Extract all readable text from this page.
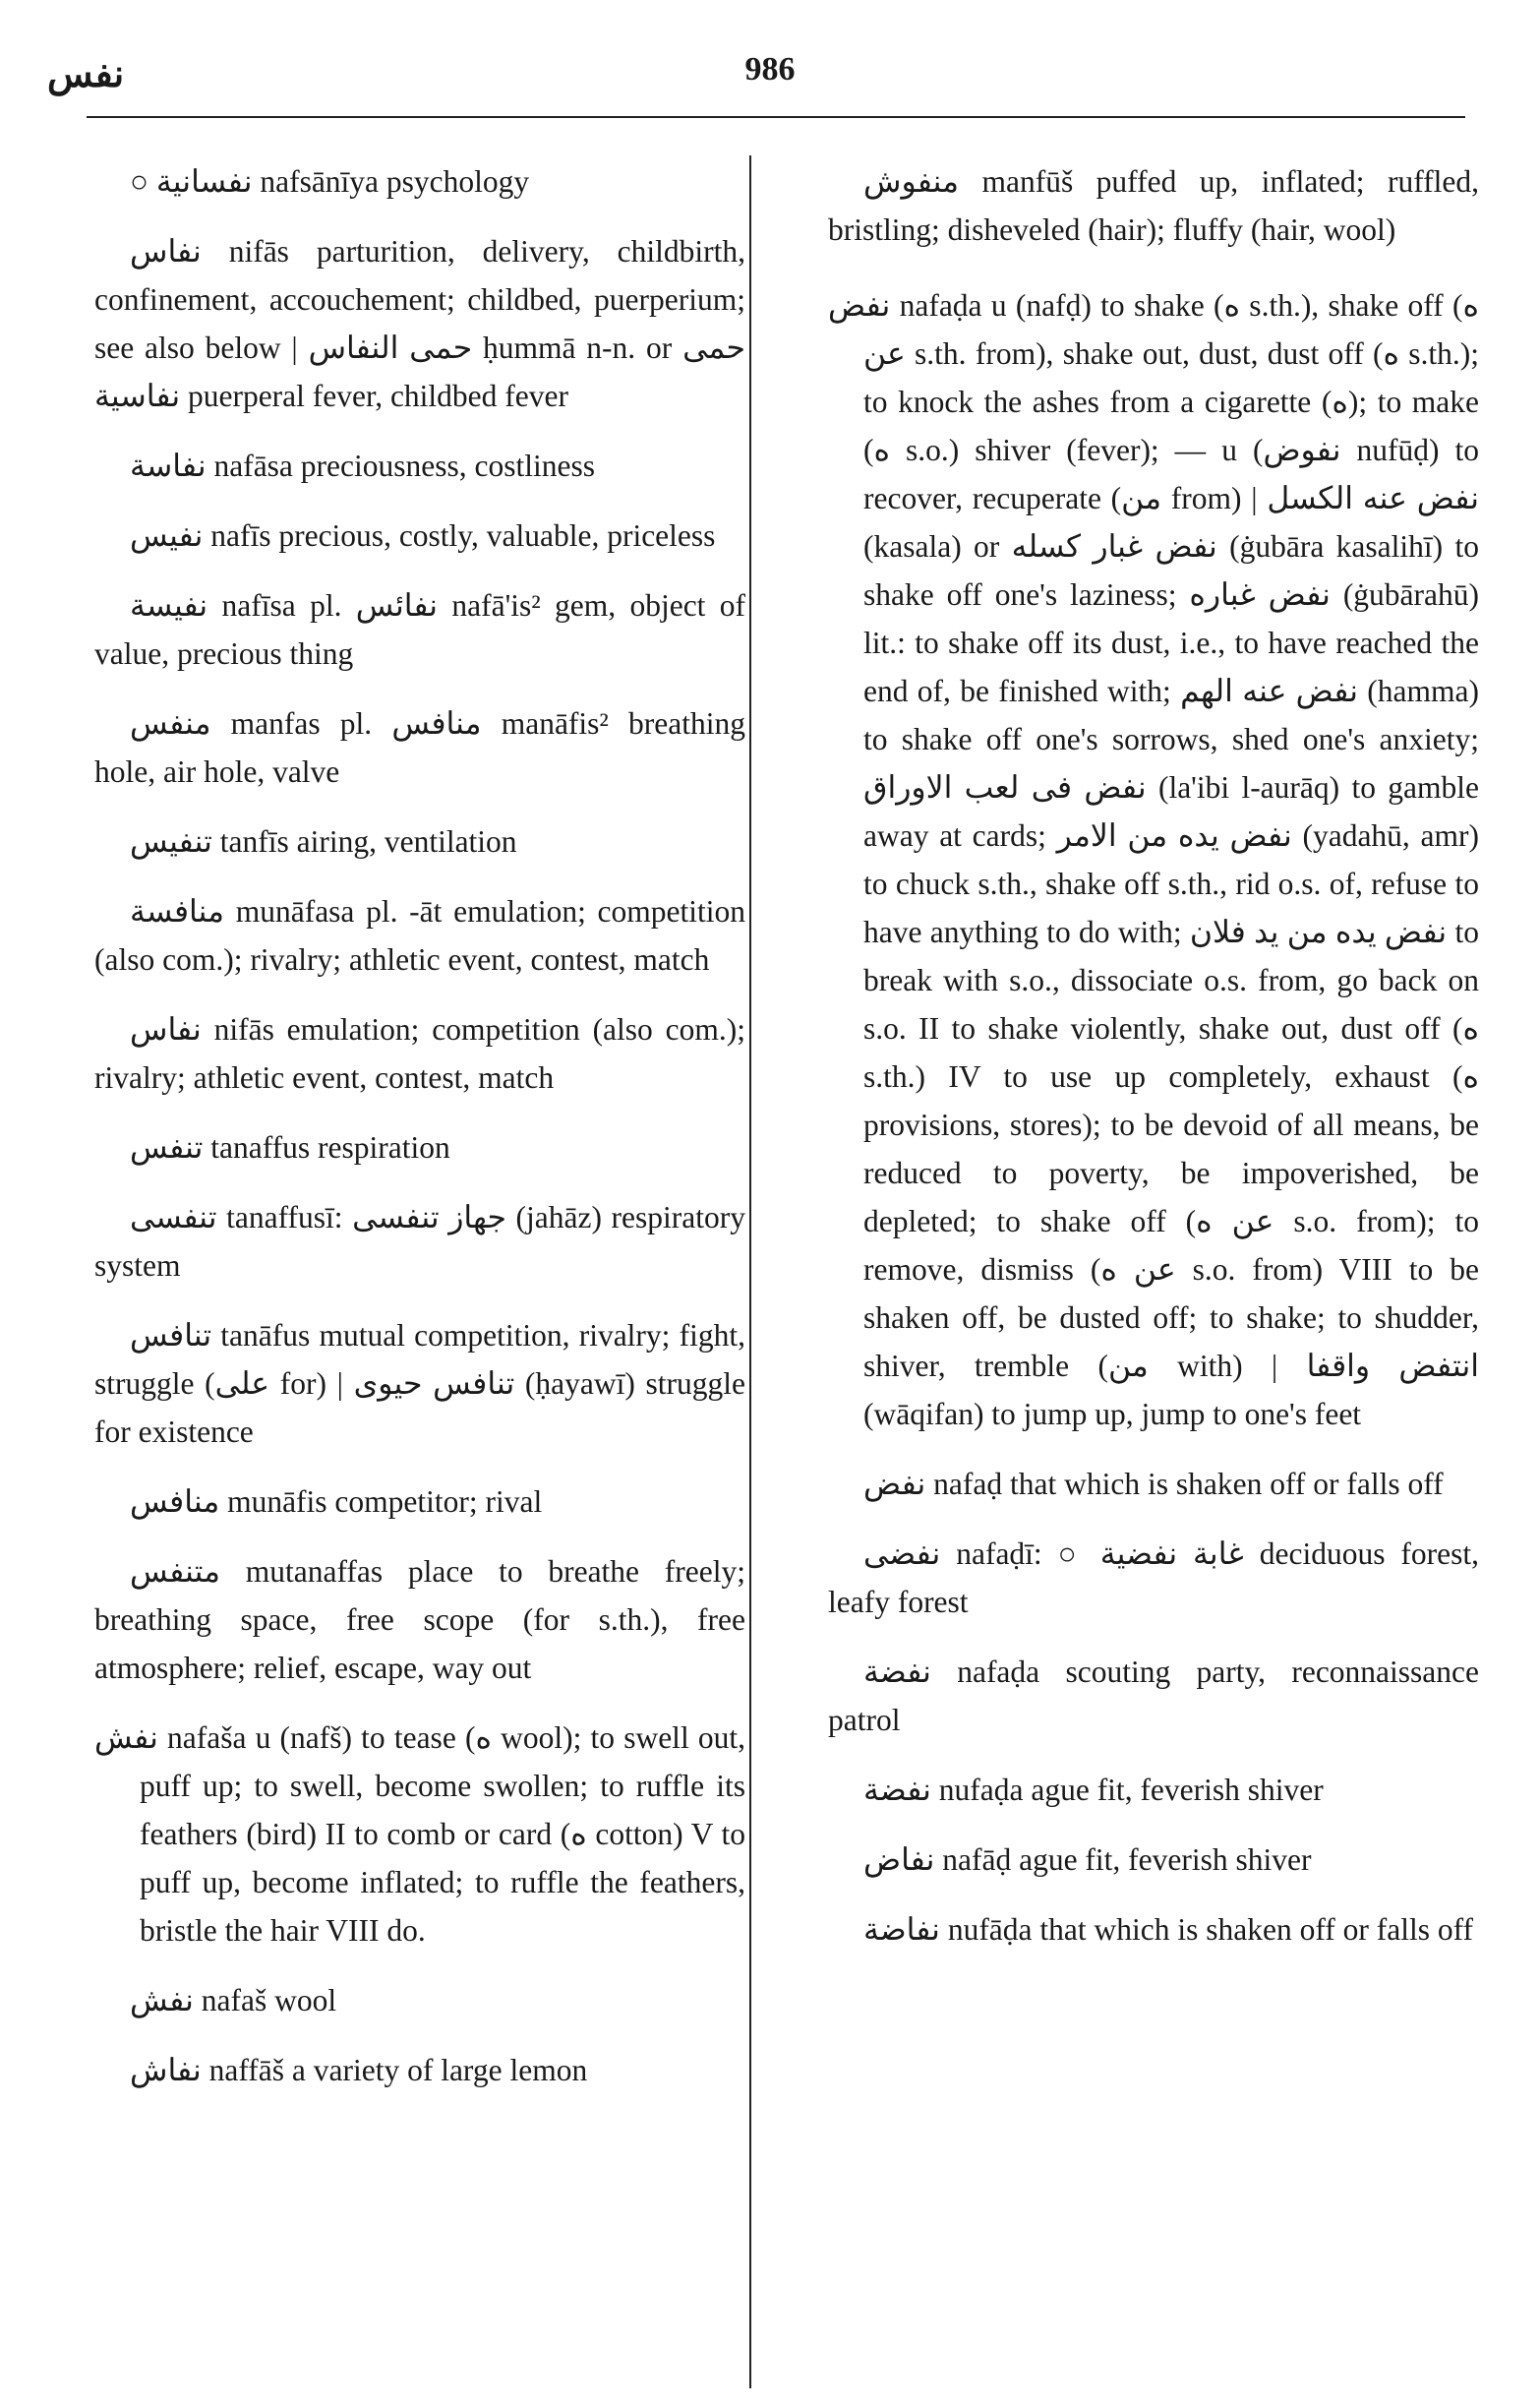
نفس	986
○ نفسانية nafsānīya psychology
نفاس nifās parturition, delivery, childbirth, confinement, accouchement; childbed, puerperium; see also below | حمى النفاس ḥummā n-n. or حمى نفاسية puerperal fever, childbed fever
نفاسة nafāsa preciousness, costliness
نفيس nafīs precious, costly, valuable, priceless
نفيسة nafīsa pl. نفائس nafā'is² gem, object of value, precious thing
منفس manfas pl. منافس manāfis² breathing hole, air hole, valve
تنفيس tanfīs airing, ventilation
منافسة munāfasa pl. -āt emulation; competition (also com.); rivalry; athletic event, contest, match
نفاس nifās emulation; competition (also com.); rivalry; athletic event, contest, match
تنفس tanaffus respiration
تنفسى tanaffusī: جهاز تنفسى (jahāz) respiratory system
تنافس tanāfus mutual competition, rivalry; fight, struggle (على for) | تنافس حيوى (ḥayawī) struggle for existence
منافس munāfis competitor; rival
متنفس mutanaffas place to breathe freely; breathing space, free scope (for s.th.), free atmosphere; relief, escape, way out
نفش nafaša u (nafš) to tease (ه wool); to swell out, puff up; to swell, become swollen; to ruffle its feathers (bird) II to comb or card (ه cotton) V to puff up, become inflated; to ruffle the feathers, bristle the hair VIII do.
نفش nafaš wool
نفاش naffāš a variety of large lemon
منفوش manfūš puffed up, inflated; ruffled, bristling; disheveled (hair); fluffy (hair, wool)
نفض nafaḍa u (nafḍ) to shake (ه s.th.), shake off (ه عن s.th. from), shake out, dust, dust off (ه s.th.); to knock the ashes from a cigarette (ه); to make (ه s.o.) shiver (fever); — u (نفوض nufūḍ) to recover, recuperate (من from) | نفض عنه الكسل (kasala) or نفض غبار كسله (ġubāra kasalihī) to shake off one's laziness; نفض غباره (ġubārahū) lit.: to shake off its dust, i.e., to have reached the end of, be finished with; نفض عنه الهم (hamma) to shake off one's sorrows, shed one's anxiety; نفض فى لعب الاوراق (la'ibi l-aurāq) to gamble away at cards; نفض يده من الامر (yadahū, amr) to chuck s.th., shake off s.th., rid o.s. of, refuse to have anything to do with; نفض يده من يد فلان to break with s.o., dissociate o.s. from, go back on s.o. II to shake violently, shake out, dust off (ه s.th.) IV to use up completely, exhaust (ه provisions, stores); to be devoid of all means, be reduced to poverty, be impoverished, be depleted; to shake off (عن ه s.o. from); to remove, dismiss (عن ه s.o. from) VIII to be shaken off, be dusted off; to shake; to shudder, shiver, tremble (من with) | انتفض واقفا (wāqifan) to jump up, jump to one's feet
نفض nafaḍ that which is shaken off or falls off
نفضى nafaḍī: ○ غابة نفضية deciduous forest, leafy forest
نفضة nafaḍa scouting party, reconnaissance patrol
نفضة nufaḍa ague fit, feverish shiver
نفاض nafāḍ ague fit, feverish shiver
نفاضة nufāḍa that which is shaken off or falls off
